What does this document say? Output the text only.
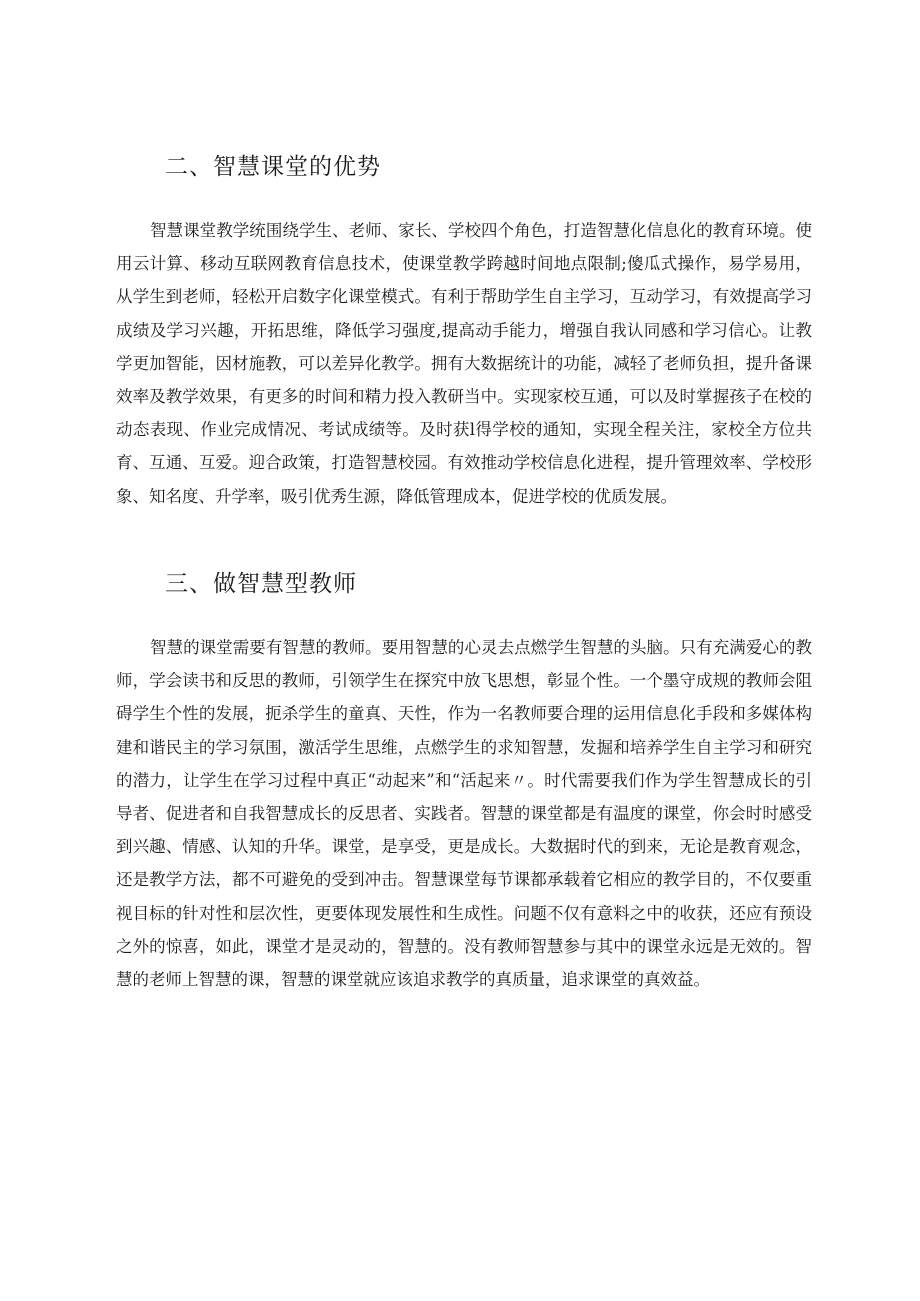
二、智慧课堂的优势

智慧课堂教学统围绕学生、老师、家长、学校四个角色，打造智慧化信息化的教育环境。使用云计算、移动互联网教育信息技术，使课堂教学跨越时间地点限制;傻瓜式操作，易学易用，从学生到老师，轻松开启数字化课堂模式。有利于帮助学生自主学习，互动学习，有效提高学习成绩及学习兴趣，开拓思维，降低学习强度,提高动手能力，增强自我认同感和学习信心。让教学更加智能，因材施教，可以差异化教学。拥有大数据统计的功能，减轻了老师负担，提升备课效率及教学效果，有更多的时间和精力投入教研当中。实现家校互通，可以及时掌握孩子在校的动态表现、作业完成情况、考试成绩等。及时获l得学校的通知，实现全程关注，家校全方位共育、互通、互爱。迎合政策，打造智慧校园。有效推动学校信息化进程，提升管理效率、学校形象、知名度、升学率，吸引优秀生源，降低管理成本，促进学校的优质发展。

三、做智慧型教师

智慧的课堂需要有智慧的教师。要用智慧的心灵去点燃学生智慧的头脑。只有充满爱心的教师，学会读书和反思的教师，引领学生在探究中放飞思想，彰显个性。一个墨守成规的教师会阻碍学生个性的发展，扼杀学生的童真、天性，作为一名教师要合理的运用信息化手段和多媒体构建和谐民主的学习氛围，激活学生思维，点燃学生的求知智慧，发掘和培养学生自主学习和研究的潜力，让学生在学习过程中真正“动起来”和“活起来〃。时代需要我们作为学生智慧成长的引导者、促进者和自我智慧成长的反思者、实践者。智慧的课堂都是有温度的课堂，你会时时感受到兴趣、情感、认知的升华。课堂，是享受，更是成长。大数据时代的到来，无论是教育观念，还是教学方法，都不可避免的受到冲击。智慧课堂每节课都承载着它相应的教学目的，不仅要重视目标的针对性和层次性，更要体现发展性和生成性。问题不仅有意料之中的收获，还应有预设之外的惊喜，如此，课堂才是灵动的，智慧的。没有教师智慧参与其中的课堂永远是无效的。智慧的老师上智慧的课，智慧的课堂就应该追求教学的真质量，追求课堂的真效益。
